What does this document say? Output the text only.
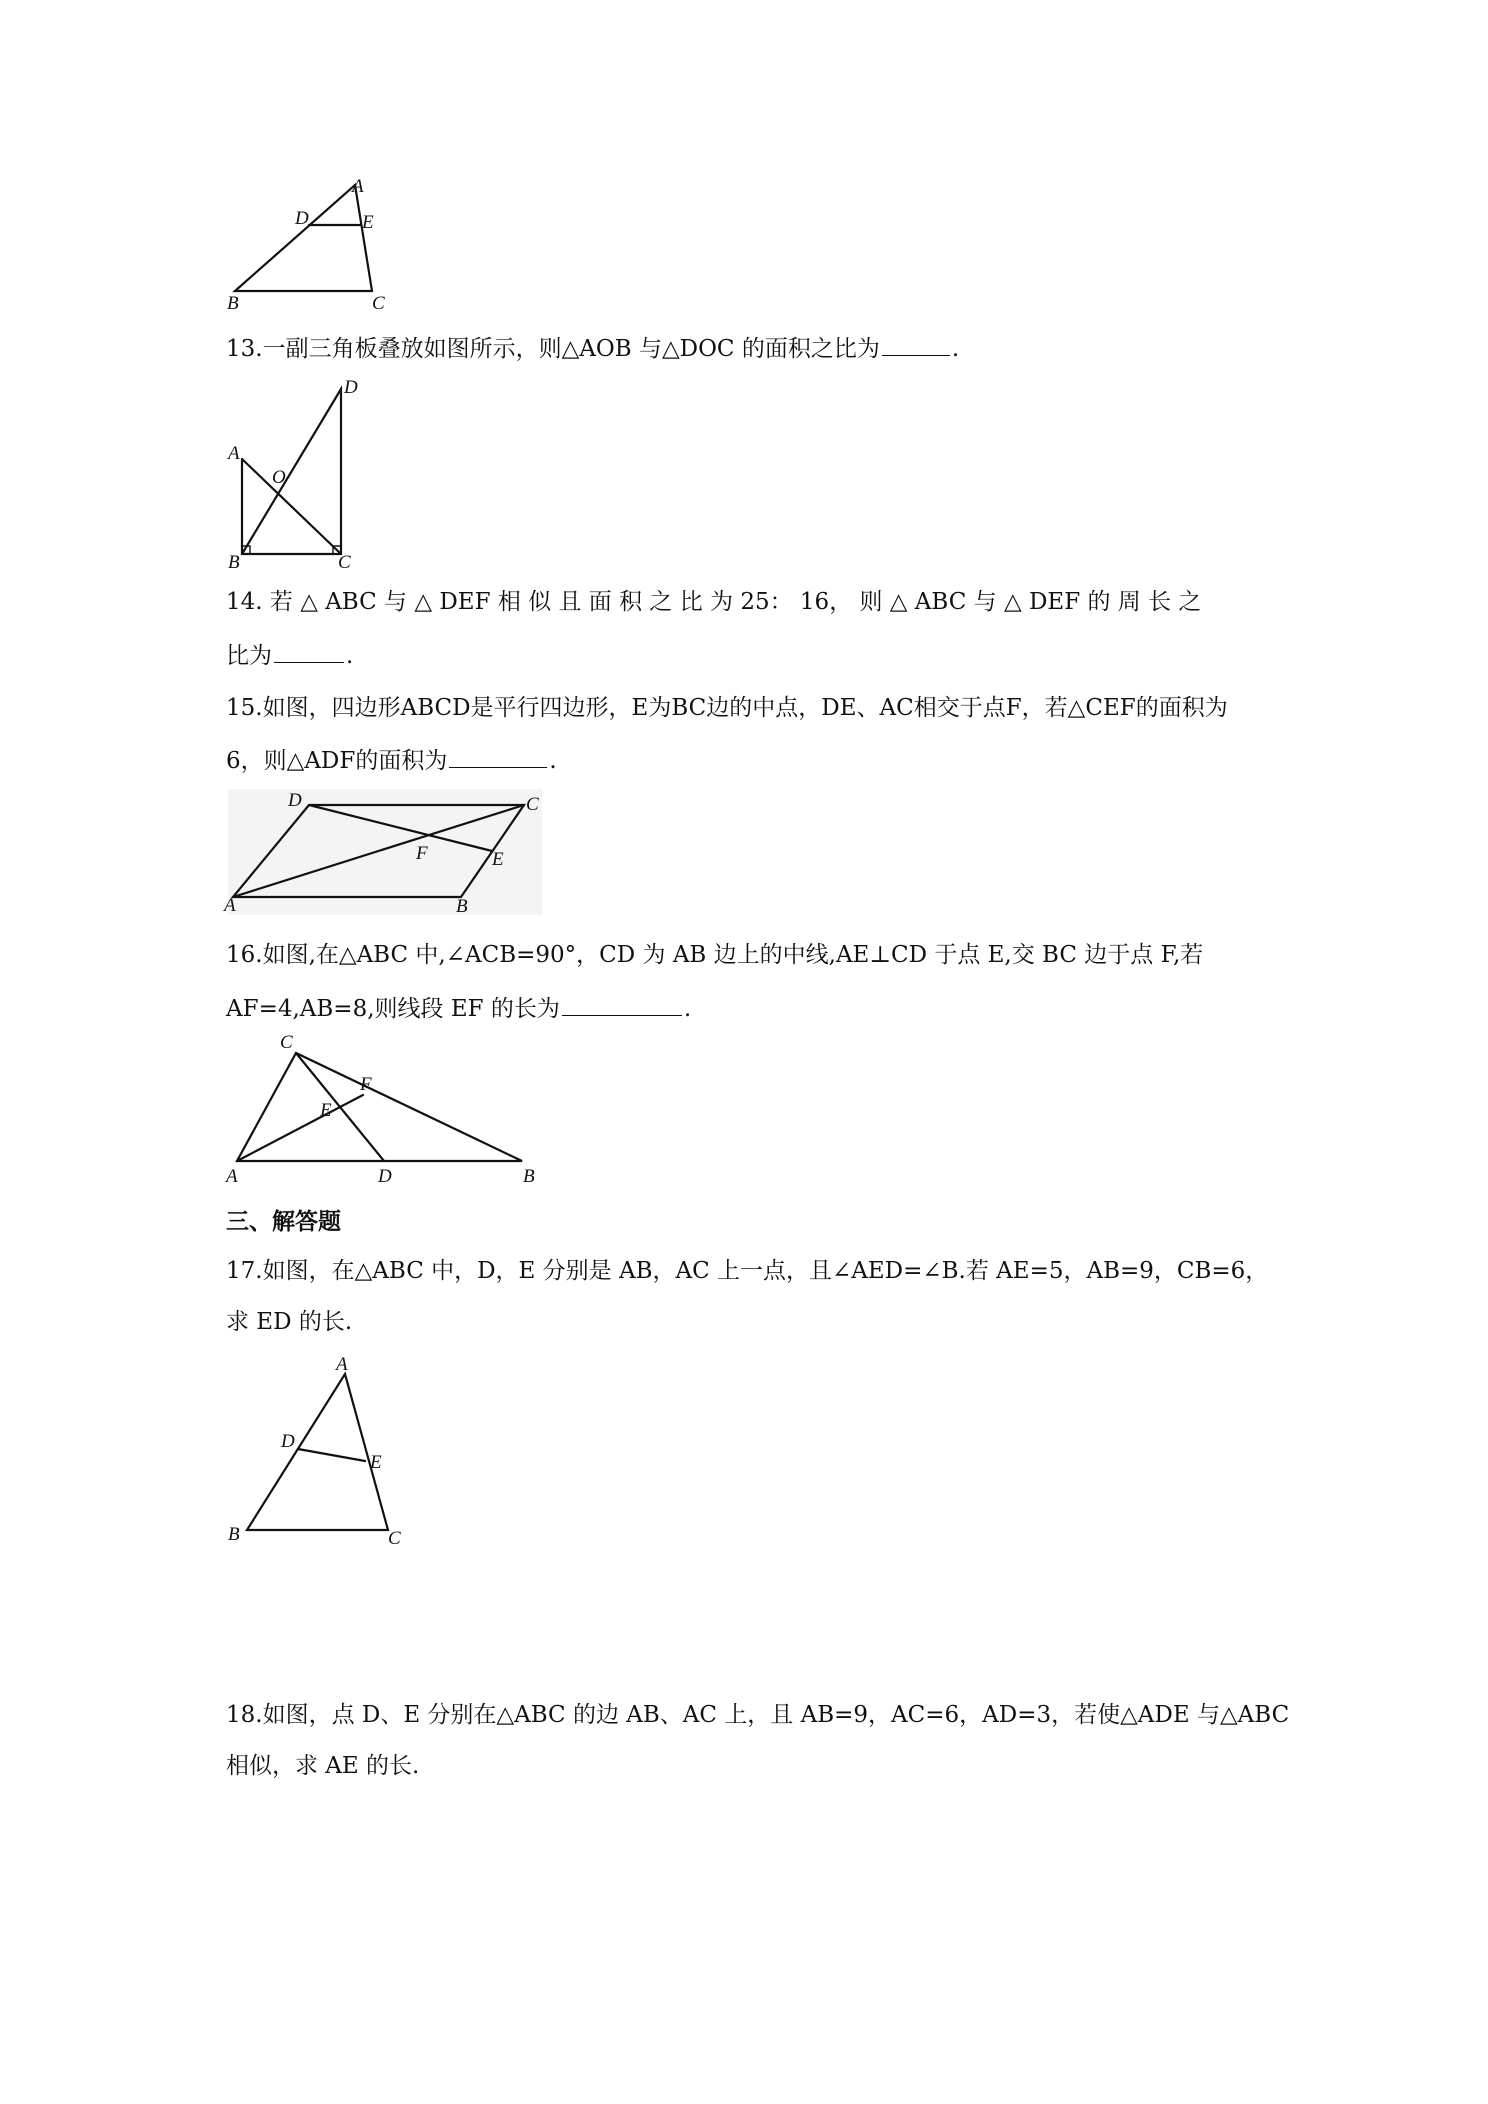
A
D	E
B	C

13.一副三角板叠放如图所示，则△AOB 与△DOC 的面积之比为	.

A
D
O
B	C

14. 若 △ ABC 与 △ DEF 相 似 且 面 积 之 比 为 25： 16， 则 △ ABC 与 △ DEF 的 周 长 之

比为	.

15.如图，四边形ABCD是平行四边形，E为BC边的中点，DE、AC相交于点F，若△CEF的面积为

6，则△ADF的面积为	.

D	C
F	E
A	B

16.如图,在△ABC 中,∠ACB=90°，CD 为 AB 边上的中线,AE⊥CD 于点 E,交 BC 边于点 F,若

AF=4,AB=8,则线段 EF 的长为	.

C
F
E
A	D	B

三、解答题

17.如图，在△ABC 中，D，E 分别是 AB，AC 上一点，且∠AED=∠B.若 AE=5，AB=9，CB=6，

求 ED 的长.

A
D
E
B	C

18.如图，点 D、E 分别在△ABC 的边 AB、AC 上，且 AB=9，AC=6，AD=3，若使△ADE 与△ABC

相似，求 AE 的长.
